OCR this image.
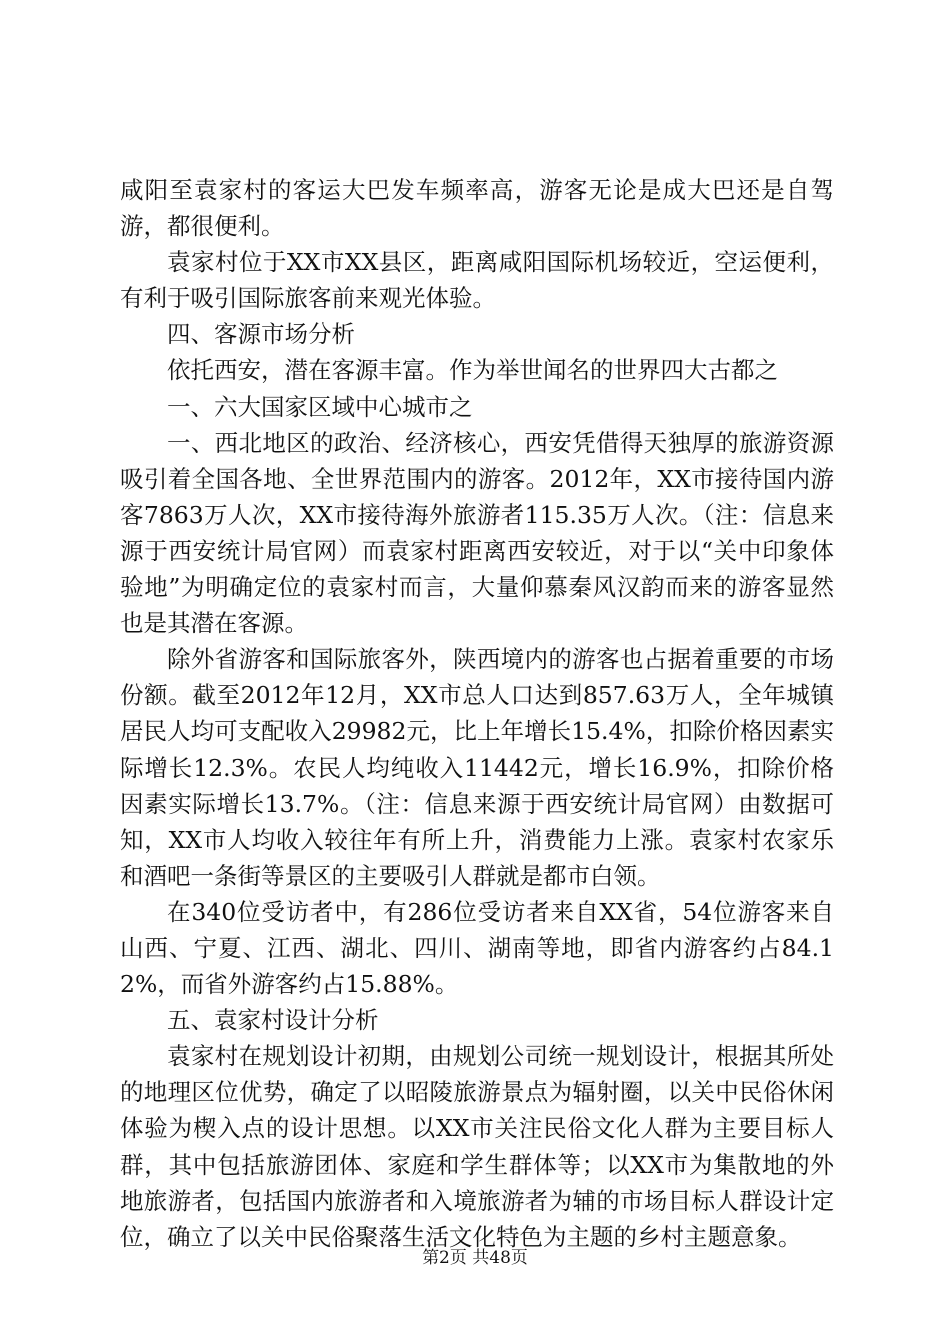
咸阳至袁家村的客运大巴发车频率高，游客无论是成大巴还是自驾游，都很便利。

袁家村位于XX市XX县区，距离咸阳国际机场较近，空运便利，有利于吸引国际旅客前来观光体验。

四、客源市场分析

依托西安，潜在客源丰富。作为举世闻名的世界四大古都之

一、六大国家区域中心城市之

一、西北地区的政治、经济核心，西安凭借得天独厚的旅游资源吸引着全国各地、全世界范围内的游客。2012年，XX市接待国内游客7863万人次，XX市接待海外旅游者115.35万人次。（注：信息来源于西安统计局官网）而袁家村距离西安较近，对于以“关中印象体验地”为明确定位的袁家村而言，大量仰慕秦风汉韵而来的游客显然也是其潜在客源。

除外省游客和国际旅客外，陕西境内的游客也占据着重要的市场份额。截至2012年12月，XX市总人口达到857.63万人，全年城镇居民人均可支配收入29982元，比上年增长15.4%，扣除价格因素实际增长12.3%。农民人均纯收入11442元，增长16.9%，扣除价格因素实际增长13.7%。（注：信息来源于西安统计局官网）由数据可知，XX市人均收入较往年有所上升，消费能力上涨。袁家村农家乐和酒吧一条街等景区的主要吸引人群就是都市白领。

在340位受访者中，有286位受访者来自XX省，54位游客来自山西、宁夏、江西、湖北、四川、湖南等地，即省内游客约占84.12%，而省外游客约占15.88%。

五、袁家村设计分析

袁家村在规划设计初期，由规划公司统一规划设计，根据其所处的地理区位优势，确定了以昭陵旅游景点为辐射圈，以关中民俗休闲体验为楔入点的设计思想。以XX市关注民俗文化人群为主要目标人群，其中包括旅游团体、家庭和学生群体等；以XX市为集散地的外地旅游者，包括国内旅游者和入境旅游者为辅的市场目标人群设计定位，确立了以关中民俗聚落生活文化特色为主题的乡村主题意象。

第2页 共48页
